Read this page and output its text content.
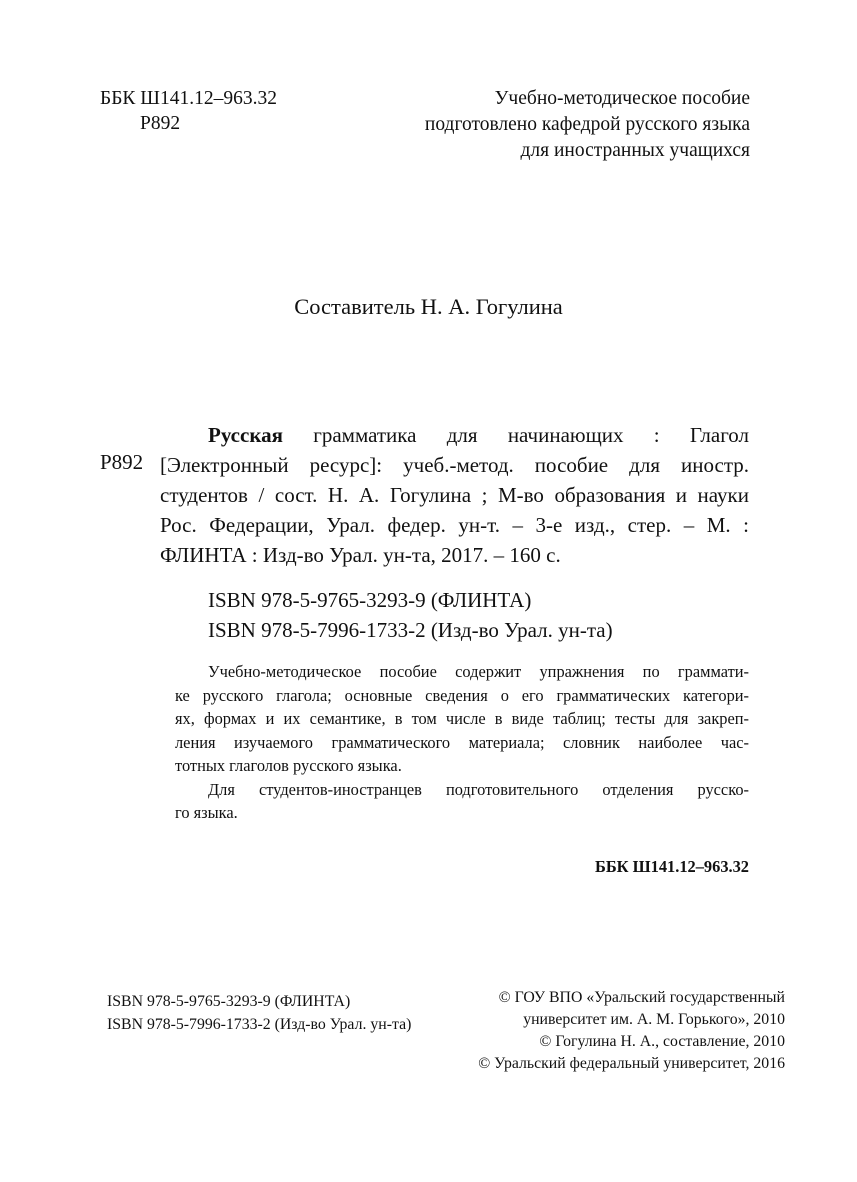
ББК Ш141.12–963.32
Р892
Учебно-методическое пособие
подготовлено кафедрой русского языка
для иностранных учащихся
Составитель Н. А. Гогулина
Р892
Русская грамматика для начинающих : Глагол
[Электронный ресурс]: учеб.-метод. пособие для иностр.
студентов / сост. Н. А. Гогулина ; М-во образования и науки
Рос. Федерации, Урал. федер. ун-т. – 3-е изд., стер. – М. :
ФЛИНТА : Изд-во Урал. ун-та, 2017. – 160 с.
ISBN 978-5-9765-3293-9 (ФЛИНТА)
ISBN 978-5-7996-1733-2 (Изд-во Урал. ун-та)
Учебно-методическое пособие содержит упражнения по граммати-
ке русского глагола; основные сведения о его грамматических категори-
ях, формах и их семантике, в том числе в виде таблиц; тесты для закреп-
ления изучаемого грамматического материала; словник наиболее час-
тотных глаголов русского языка.
Для студентов-иностранцев подготовительного отделения русско-
го языка.
ББК Ш141.12–963.32
ISBN 978-5-9765-3293-9 (ФЛИНТА)
ISBN 978-5-7996-1733-2 (Изд-во Урал. ун-та)
© ГОУ ВПО «Уральский государственный
университет им. А. М. Горького», 2010
© Гогулина Н. А., составление, 2010
© Уральский федеральный университет, 2016
